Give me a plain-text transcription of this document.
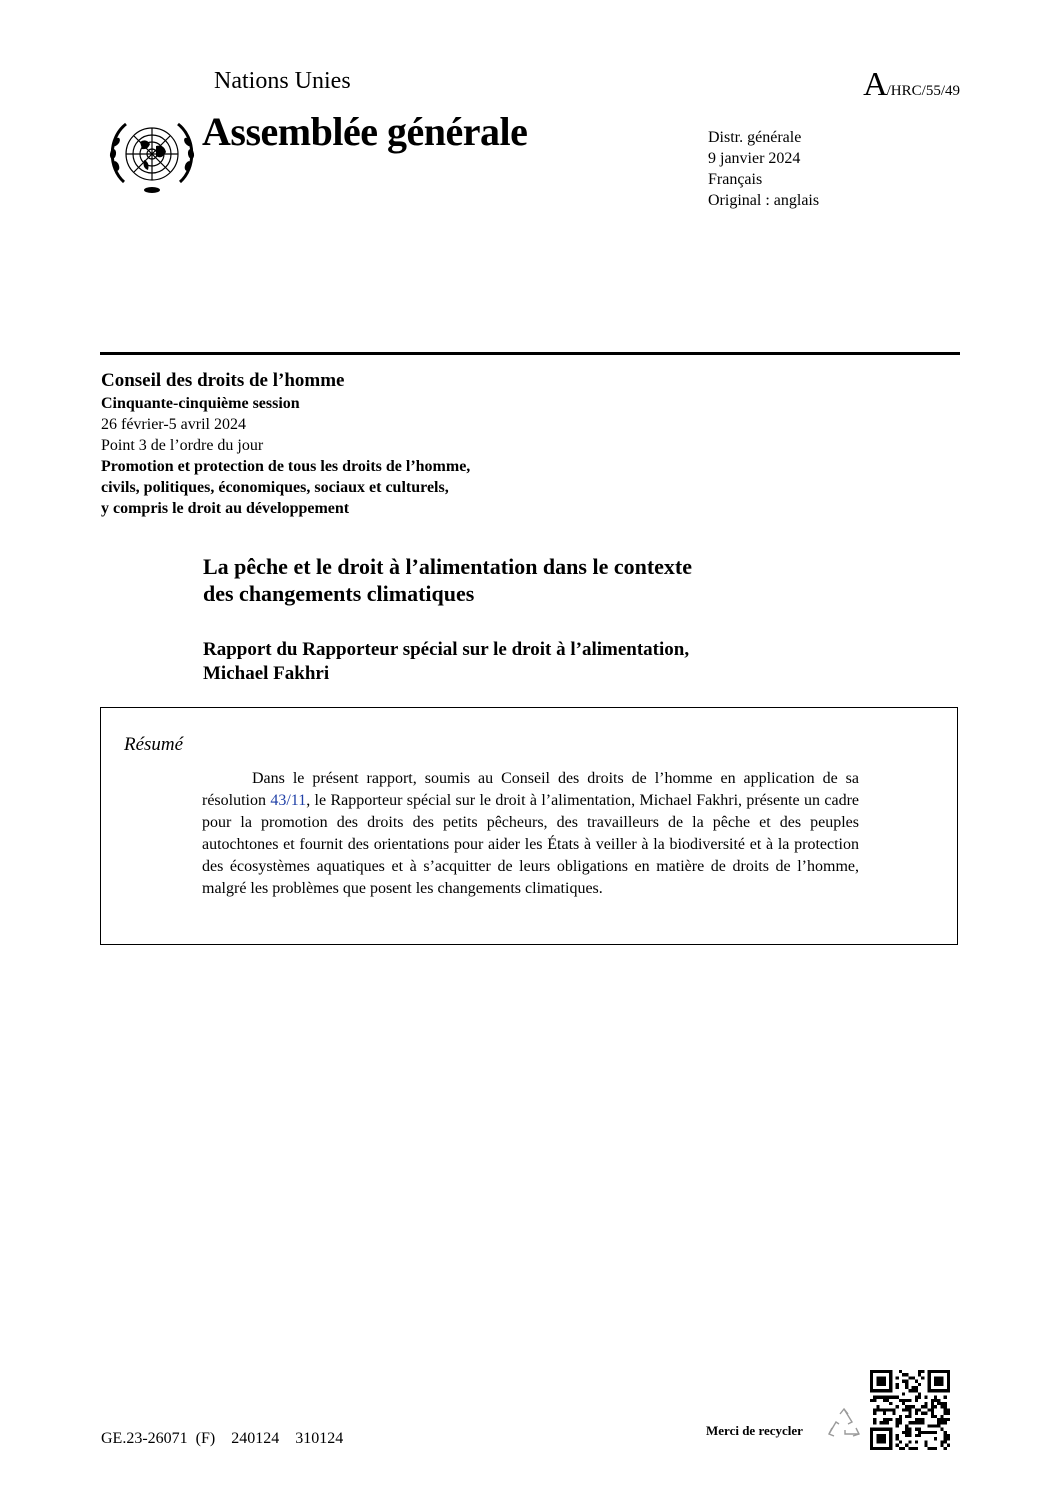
Nations Unies	A/HRC/55/49
Assemblée générale	Distr. générale
9 janvier 2024
Français
Original : anglais
Conseil des droits de l’homme
Cinquante-cinquième session
26 février-5 avril 2024
Point 3 de l’ordre du jour
Promotion et protection de tous les droits de l’homme,
civils, politiques, économiques, sociaux et culturels,
y compris le droit au développement
La pêche et le droit à l’alimentation dans le contexte
des changements climatiques
Rapport du Rapporteur spécial sur le droit à l’alimentation,
Michael Fakhri
Résumé
Dans le présent rapport, soumis au Conseil des droits de l’homme en application de sa résolution 43/11, le Rapporteur spécial sur le droit à l’alimentation, Michael Fakhri, présente un cadre pour la promotion des droits des petits pêcheurs, des travailleurs de la pêche et des peuples autochtones et fournit des orientations pour aider les États à veiller à la biodiversité et à la protection des écosystèmes aquatiques et à s’acquitter de leurs obligations en matière de droits de l’homme, malgré les problèmes que posent les changements climatiques.
GE.23-26071  (F)    240124    310124	Merci de recycler
